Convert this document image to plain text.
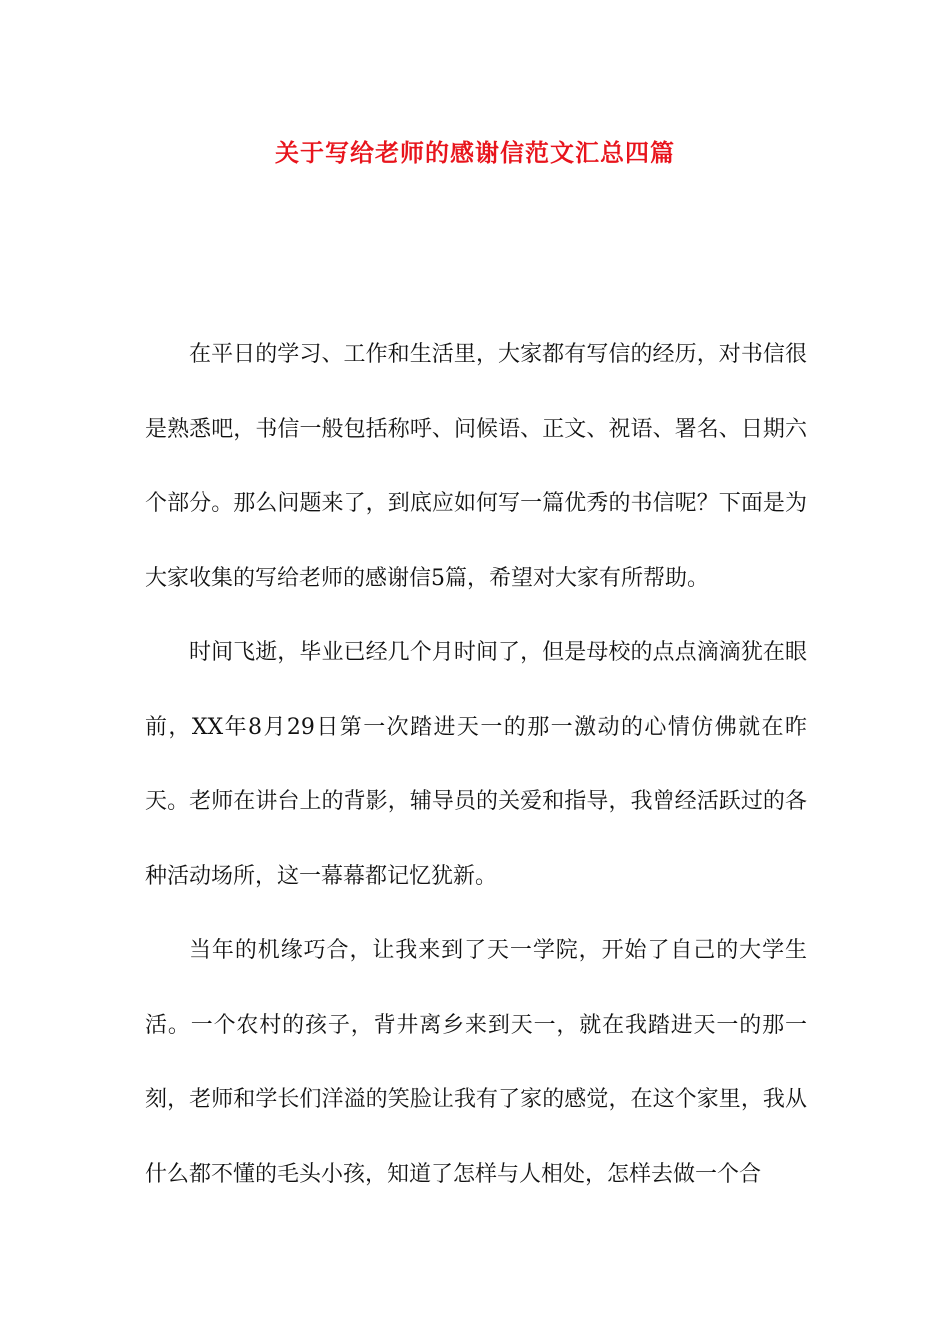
关于写给老师的感谢信范文汇总四篇

在平日的学习、工作和生活里，大家都有写信的经历，对书信很是熟悉吧，书信一般包括称呼、问候语、正文、祝语、署名、日期六个部分。那么问题来了，到底应如何写一篇优秀的书信呢？下面是为大家收集的写给老师的感谢信5篇，希望对大家有所帮助。

时间飞逝，毕业已经几个月时间了，但是母校的点点滴滴犹在眼前，XX年8月29日第一次踏进天一的那一激动的心情仿佛就在昨天。老师在讲台上的背影，辅导员的关爱和指导，我曾经活跃过的各种活动场所，这一幕幕都记忆犹新。

当年的机缘巧合，让我来到了天一学院，开始了自己的大学生活。一个农村的孩子，背井离乡来到天一，就在我踏进天一的那一刻，老师和学长们洋溢的笑脸让我有了家的感觉，在这个家里，我从什么都不懂的毛头小孩，知道了怎样与人相处，怎样去做一个合
